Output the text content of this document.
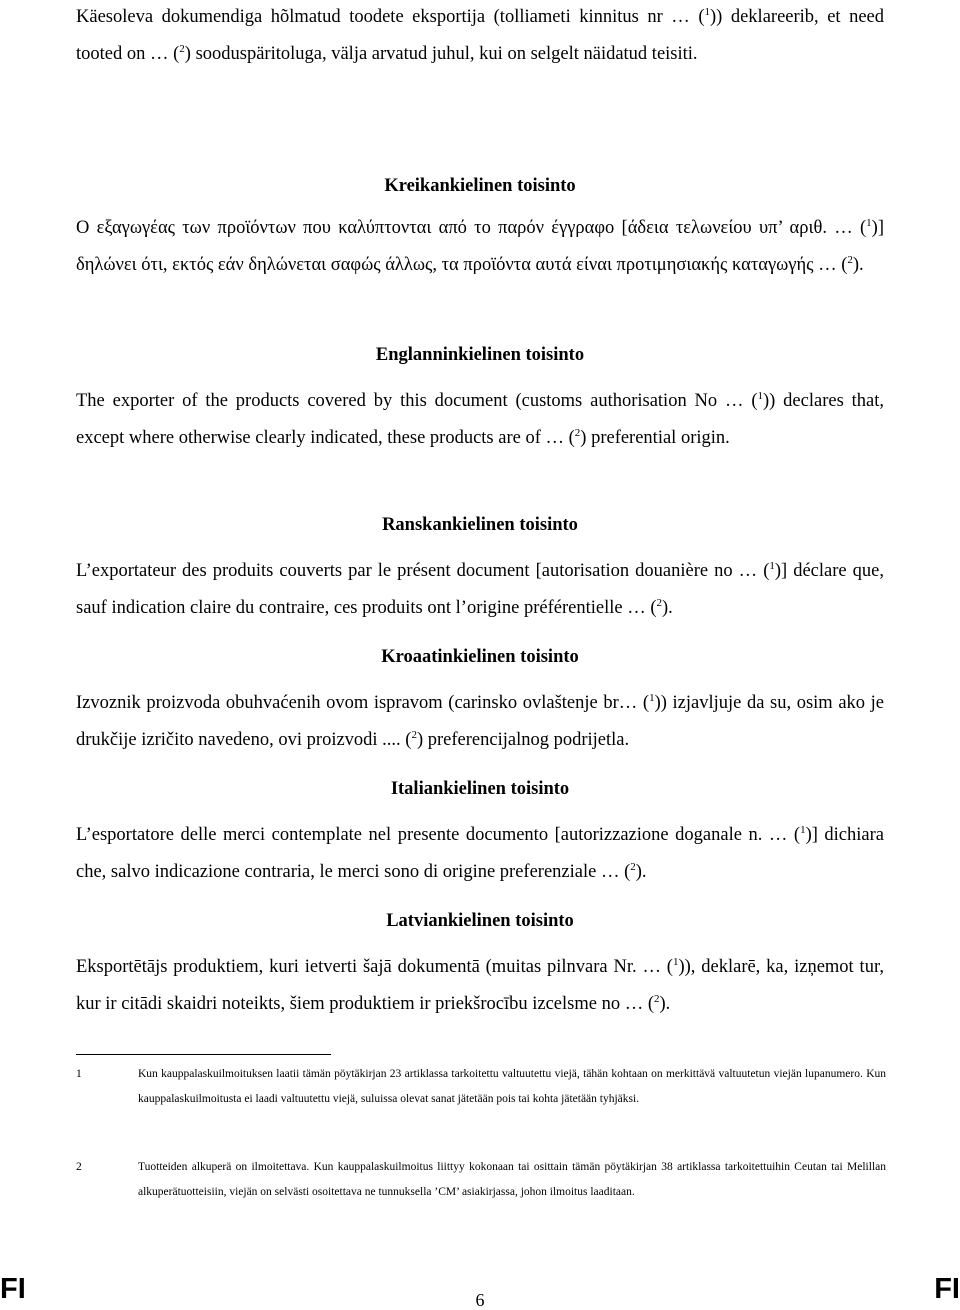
Käesoleva dokumendiga hõlmatud toodete eksportija (tolliameti kinnitus nr … ($^1$)) deklareerib, et need tooted on … ($^2$) sooduspäritoluga, välja arvatud juhul, kui on selgelt näidatud teisiti.

Kreikankielinen toisinto

Ο εξαγωγέας των προϊόντων που καλύπτονται από το παρόν έγγραφο [άδεια τελωνείου υπ’ αριθ. … ($^1$)] δηλώνει ότι, εκτός εάν δηλώνεται σαφώς άλλως, τα προϊόντα αυτά είναι προτιμησιακής καταγωγής … ($^2$).

Englanninkielinen toisinto

The exporter of the products covered by this document (customs authorisation No … ($^1$)) declares that, except where otherwise clearly indicated, these products are of … ($^2$) preferential origin.

Ranskankielinen toisinto

L’exportateur des produits couverts par le présent document [autorisation douanière no … ($^1$)] déclare que, sauf indication claire du contraire, ces produits ont l’origine préférentielle … ($^2$).

Kroaatinkielinen toisinto

Izvoznik proizvoda obuhvaćenih ovom ispravom (carinsko ovlaštenje br… ($^1$)) izjavljuje da su, osim ako je drukčije izričito navedeno, ovi proizvodi .... ($^2$) preferencijalnog podrijetla.

Italiankielinen toisinto

L’esportatore delle merci contemplate nel presente documento [autorizzazione doganale n. … ($^1$)] dichiara che, salvo indicazione contraria, le merci sono di origine preferenziale … ($^2$).

Latviankielinen toisinto

Eksportētājs produktiem, kuri ietverti šajā dokumentā (muitas pilnvara Nr. … ($^1$)), deklarē, ka, izņemot tur, kur ir citādi skaidri noteikts, šiem produktiem ir priekšrocību izcelsme no … ($^2$).

1	Kun kauppalaskuilmoituksen laatii tämän pöytäkirjan 23 artiklassa tarkoitettu valtuutettu viejä, tähän kohtaan on merkittävä valtuutetun viejän lupanumero. Kun kauppalaskuilmoitusta ei laadi valtuutettu viejä, suluissa olevat sanat jätetään pois tai kohta jätetään tyhjäksi.
2	Tuotteiden alkuperä on ilmoitettava. Kun kauppalaskuilmoitus liittyy kokonaan tai osittain tämän pöytäkirjan 38 artiklassa tarkoitettuihin Ceutan tai Melillan alkuperätuotteisiin, viejän on selvästi osoitettava ne tunnuksella ’CM’ asiakirjassa, johon ilmoitus laaditaan.
FI	6	FI
